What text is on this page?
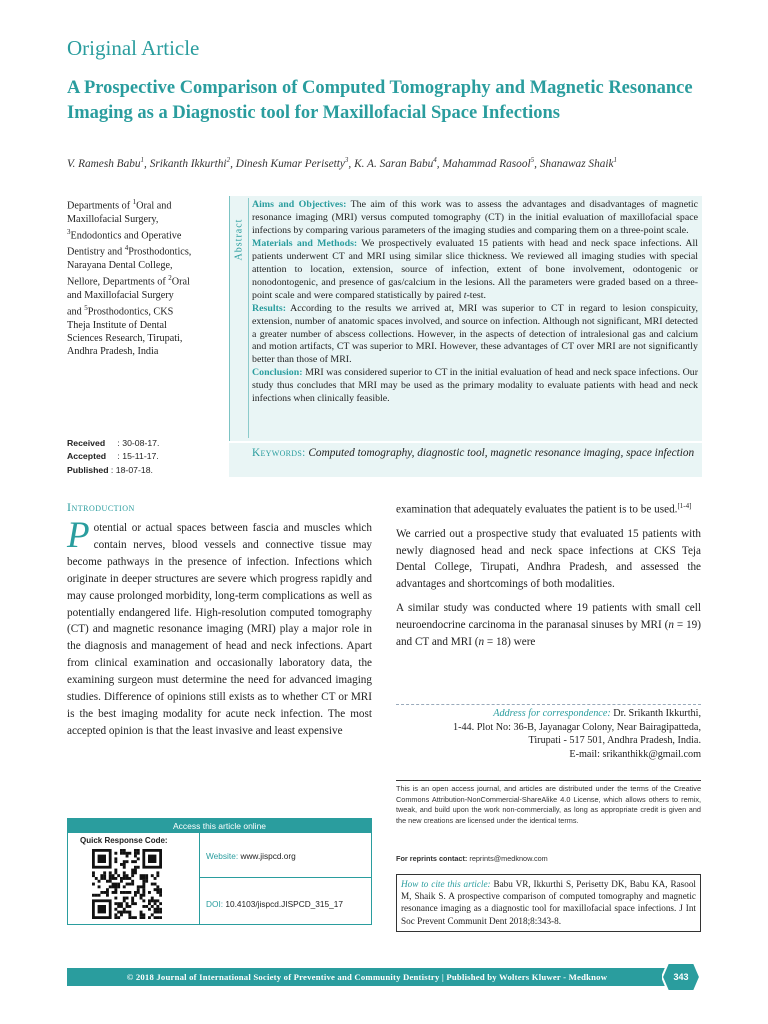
Original Article
A Prospective Comparison of Computed Tomography and Magnetic Resonance Imaging as a Diagnostic tool for Maxillofacial Space Infections
V. Ramesh Babu$^1$, Srikanth Ikkurthi$^2$, Dinesh Kumar Perisetty$^3$, K. A. Saran Babu$^4$, Mahammad Rasool$^5$, Shanawaz Shaik$^1$
Departments of $^1$Oral and
Maxillofacial Surgery,
$^3$Endodontics and Operative
Dentistry and $^4$Prosthodontics,
Narayana Dental College,
Nellore, Departments of $^2$Oral
and Maxillofacial Surgery
and $^5$Prosthodontics, CKS
Theja Institute of Dental
Sciences Research, Tirupati,
Andhra Pradesh, India
Received : 30-08-17.
Accepted : 15-11-17.
Published : 18-07-18.
Abstract

Aims and Objectives: The aim of this work was to assess the advantages and disadvantages of magnetic resonance imaging (MRI) versus computed tomography (CT) in the initial evaluation of maxillofacial space infections by comparing various parameters of the imaging studies and comparing them on a three-point scale.

Materials and Methods: We prospectively evaluated 15 patients with head and neck space infections. All patients underwent CT and MRI using similar slice thickness. We reviewed all imaging studies with special attention to location, extension, source of infection, extent of bone involvement, odontogenic or nonodontogenic, and presence of gas/calcium in the lesions. All the parameters were graded based on a three-point scale and were compared statistically by paired t-test.

Results: According to the results we arrived at, MRI was superior to CT in regard to lesion conspicuity, extension, number of anatomic spaces involved, and source on infection. Although not significant, MRI detected a greater number of abscess collections. However, in the aspects of detection of intralesional gas and calcium and motion artifacts, CT was superior to MRI. However, these advantages of CT over MRI are not significantly better than those of MRI.

Conclusion: MRI was considered superior to CT in the initial evaluation of head and neck space infections. Our study thus concludes that MRI may be used as the primary modality to evaluate patients with head and neck infections when clinically feasible.

Keywords: Computed tomography, diagnostic tool, magnetic resonance imaging, space infection
Introduction
Potential or actual spaces between fascia and muscles which contain nerves, blood vessels and connective tissue may become pathways in the presence of infection. Infections which originate in deeper structures are severe which progress rapidly and may cause prolonged morbidity, long-term complications as well as potentially endangered life. High-resolution computed tomography (CT) and magnetic resonance imaging (MRI) play a major role in the diagnosis and management of head and neck infections. Apart from clinical examination and occasionally laboratory data, the examining surgeon must determine the need for advanced imaging studies. Difference of opinions still exists as to whether CT or MRI is the best imaging modality for acute neck infection. The most accepted opinion is that the least invasive and least expensive

examination that adequately evaluates the patient is to be used.[1-4]

We carried out a prospective study that evaluated 15 patients with newly diagnosed head and neck space infections at CKS Teja Dental College, Tirupati, Andhra Pradesh, and assessed the advantages and shortcomings of both modalities.

A similar study was conducted where 19 patients with small cell neuroendocrine carcinoma in the paranasal sinuses by MRI (n = 19) and CT and MRI (n = 18) were

Address for correspondence: Dr. Srikanth Ikkurthi,
1-44. Plot No: 36-B, Jayanagar Colony, Near Bairagipatteda,
Tirupati - 517 501, Andhra Pradesh, India.
E-mail: srikanthikk@gmail.com
This is an open access journal, and articles are distributed under the terms of the Creative Commons Attribution-NonCommercial-ShareAlike 4.0 License, which allows others to remix, tweak, and build upon the work non-commercially, as long as appropriate credit is given and the new creations are licensed under the identical terms.
For reprints contact: reprints@medknow.com
How to cite this article: Babu VR, Ikkurthi S, Perisetty DK, Babu KA, Rasool M, Shaik S. A prospective comparison of computed tomography and magnetic resonance imaging as a diagnostic tool for maxillofacial space infections. J Int Soc Prevent Communit Dent 2018;8:343-8.
Access this article online
Quick Response Code:
Website: www.jispcd.org
DOI: 10.4103/jispcd.JISPCD_315_17
© 2018 Journal of International Society of Preventive and Community Dentistry | Published by Wolters Kluwer - Medknow	343
